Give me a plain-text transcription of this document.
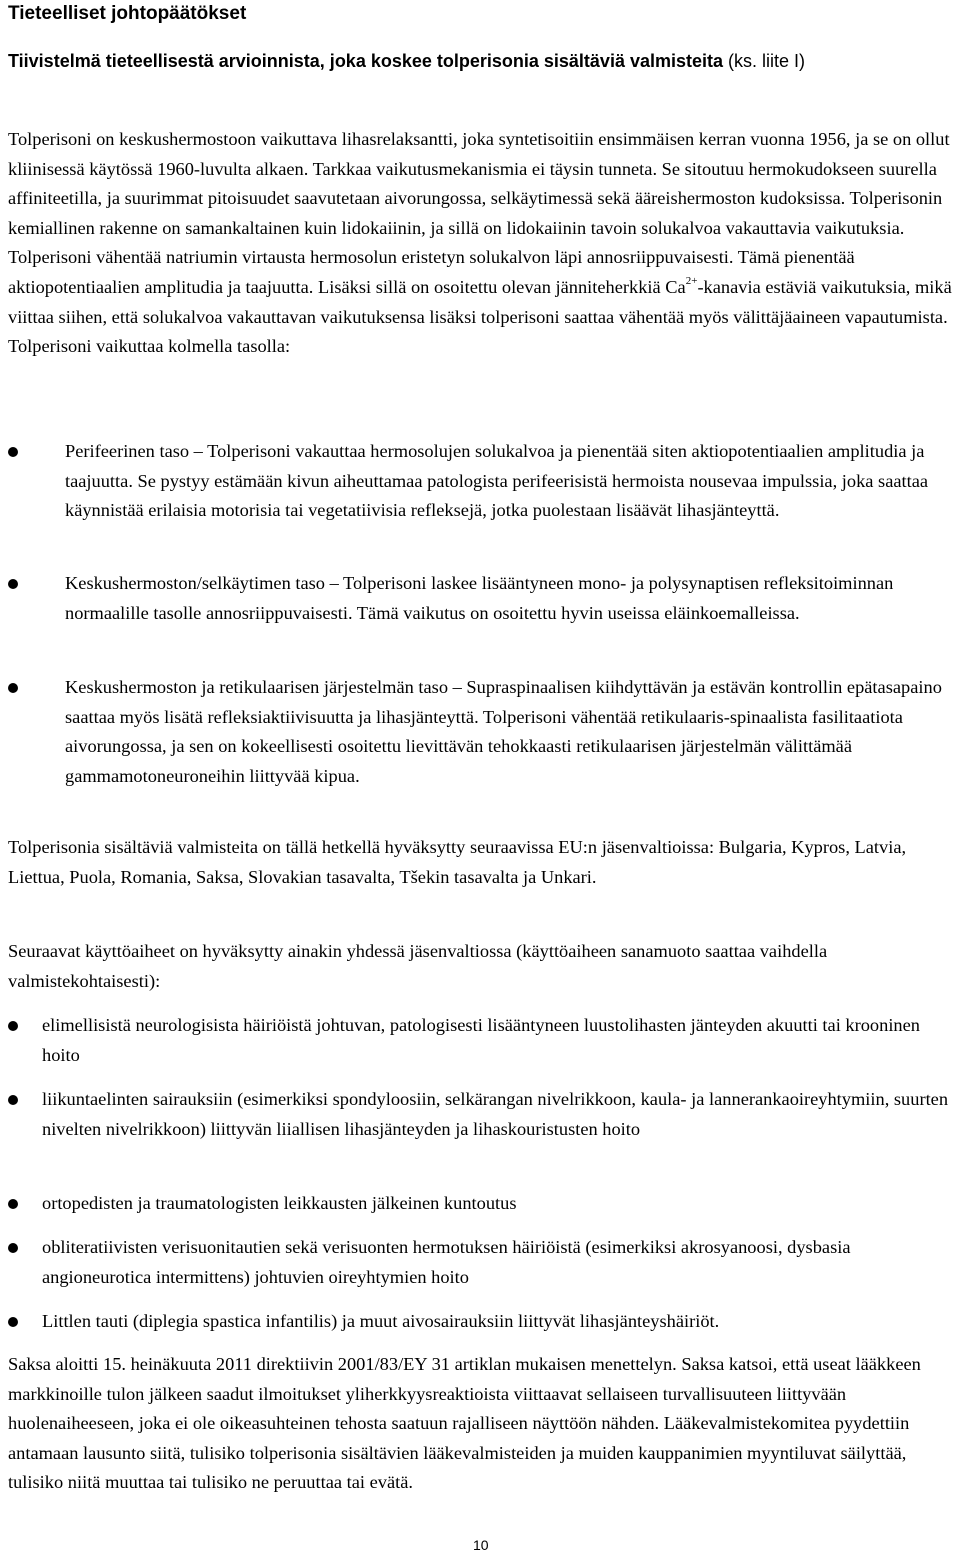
Tieteelliset johtopäätökset
Tiivistelmä tieteellisestä arvioinnista, joka koskee tolperisonia sisältäviä valmisteita (ks. liite I)

Tolperisoni on keskushermostoon vaikuttava lihasrelaksantti, joka syntetisoitiin ensimmäisen kerran vuonna 1956, ja se on ollut kliinisessä käytössä 1960-luvulta alkaen. Tarkkaa vaikutusmekanismia ei täysin tunneta. Se sitoutuu hermokudokseen suurella affiniteetilla, ja suurimmat pitoisuudet saavutetaan aivorungossa, selkäytimessä sekä ääreishermoston kudoksissa. Tolperisonin kemiallinen rakenne on samankaltainen kuin lidokaiinin, ja sillä on lidokaiinin tavoin solukalvoa vakauttavia vaikutuksia. Tolperisoni vähentää natriumin virtausta hermosolun eristetyn solukalvon läpi annosriippuvaisesti. Tämä pienentää aktiopotentiaalien amplitudia ja taajuutta. Lisäksi sillä on osoitettu olevan jänniteherkkiä $Ca^{2+}$-kanavia estäviä vaikutuksia, mikä viittaa siihen, että solukalvoa vakauttavan vaikutuksensa lisäksi tolperisoni saattaa vähentää myös välittäjäaineen vapautumista. Tolperisoni vaikuttaa kolmella tasolla:

Perifeerinen taso – Tolperisoni vakauttaa hermosolujen solukalvoa ja pienentää siten aktiopotentiaalien amplitudia ja taajuutta. Se pystyy estämään kivun aiheuttamaa patologista perifeerisistä hermoista nousevaa impulssia, joka saattaa käynnistää erilaisia motorisia tai vegetatiivisia refleksejä, jotka puolestaan lisäävät lihasjänteyttä.
Keskushermoston/selkäytimen taso – Tolperisoni laskee lisääntyneen mono- ja polysynaptisen refleksitoiminnan normaalille tasolle annosriippuvaisesti. Tämä vaikutus on osoitettu hyvin useissa eläinkoemalleissa.
Keskushermoston ja retikulaarisen järjestelmän taso – Supraspinaalisen kiihdyttävän ja estävän kontrollin epätasapaino saattaa myös lisätä refleksiaktiivisuutta ja lihasjänteyttä. Tolperisoni vähentää retikulaaris-spinaalista fasilitaatiota aivorungossa, ja sen on kokeellisesti osoitettu lievittävän tehokkaasti retikulaarisen järjestelmän välittämää gammamotoneuroneihin liittyvää kipua.

Tolperisonia sisältäviä valmisteita on tällä hetkellä hyväksytty seuraavissa EU:n jäsenvaltioissa: Bulgaria, Kypros, Latvia, Liettua, Puola, Romania, Saksa, Slovakian tasavalta, Tšekin tasavalta ja Unkari.

Seuraavat käyttöaiheet on hyväksytty ainakin yhdessä jäsenvaltiossa (käyttöaiheen sanamuoto saattaa vaihdella valmistekohtaisesti):

elimellisistä neurologisista häiriöistä johtuvan, patologisesti lisääntyneen luustolihasten jänteyden akuutti tai krooninen hoito
liikuntaelinten sairauksiin (esimerkiksi spondyloosiin, selkärangan nivelrikkoon, kaula- ja lannerankaoireyhtymiin, suurten nivelten nivelrikkoon) liittyvän liiallisen lihasjänteyden ja lihaskouristusten hoito
ortopedisten ja traumatologisten leikkausten jälkeinen kuntoutus
obliteratiivisten verisuonitautien sekä verisuonten hermotuksen häiriöistä (esimerkiksi akrosyanoosi, dysbasia angioneurotica intermittens) johtuvien oireyhtymien hoito
Littlen tauti (diplegia spastica infantilis) ja muut aivosairauksiin liittyvät lihasjänteyshäiriöt.

Saksa aloitti 15. heinäkuuta 2011 direktiivin 2001/83/EY 31 artiklan mukaisen menettelyn. Saksa katsoi, että useat lääkkeen markkinoille tulon jälkeen saadut ilmoitukset yliherkkyysreaktioista viittaavat sellaiseen turvallisuuteen liittyvään huolenaiheeseen, joka ei ole oikeasuhteinen tehosta saatuun rajalliseen näyttöön nähden. Lääkevalmistekomitea pyydettiin antamaan lausunto siitä, tulisiko tolperisonia sisältävien lääkevalmisteiden ja muiden kauppanimien myyntiluvat säilyttää, tulisiko niitä muuttaa tai tulisiko ne peruuttaa tai evätä.

10
